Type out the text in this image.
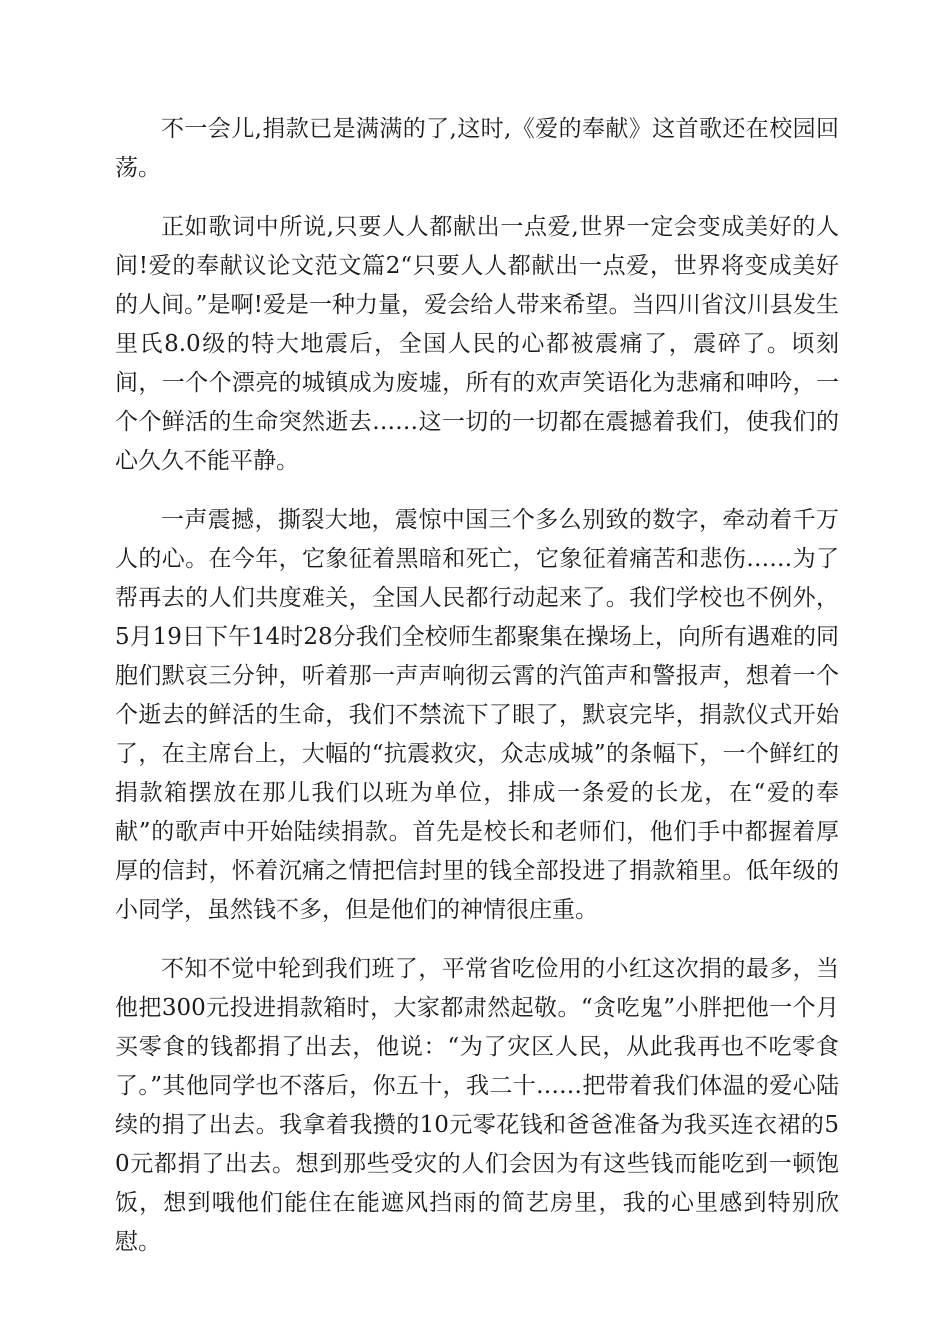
不一会儿,捐款已是满满的了,这时,《爱的奉献》这首歌还在校园回荡。

正如歌词中所说,只要人人都献出一点爱,世界一定会变成美好的人间!爱的奉献议论文范文篇2“只要人人都献出一点爱，世界将变成美好的人间。”是啊!爱是一种力量，爱会给人带来希望。当四川省汶川县发生里氏8.0级的特大地震后，全国人民的心都被震痛了，震碎了。顷刻间，一个个漂亮的城镇成为废墟，所有的欢声笑语化为悲痛和呻吟，一个个鲜活的生命突然逝去……这一切的一切都在震撼着我们，使我们的心久久不能平静。

一声震撼，撕裂大地，震惊中国三个多么别致的数字，牵动着千万人的心。在今年，它象征着黑暗和死亡，它象征着痛苦和悲伤……为了帮再去的人们共度难关，全国人民都行动起来了。我们学校也不例外，5月19日下午14时28分我们全校师生都聚集在操场上，向所有遇难的同胞们默哀三分钟，听着那一声声响彻云霄的汽笛声和警报声，想着一个个逝去的鲜活的生命，我们不禁流下了眼了，默哀完毕，捐款仪式开始了，在主席台上，大幅的“抗震救灾，众志成城”的条幅下，一个鲜红的捐款箱摆放在那儿我们以班为单位，排成一条爱的长龙，在“爱的奉献”的歌声中开始陆续捐款。首先是校长和老师们，他们手中都握着厚厚的信封，怀着沉痛之情把信封里的钱全部投进了捐款箱里。低年级的小同学，虽然钱不多，但是他们的神情很庄重。

不知不觉中轮到我们班了，平常省吃俭用的小红这次捐的最多，当他把300元投进捐款箱时，大家都肃然起敬。“贪吃鬼”小胖把他一个月买零食的钱都捐了出去，他说：“为了灾区人民，从此我再也不吃零食了。”其他同学也不落后，你五十，我二十……把带着我们体温的爱心陆续的捐了出去。我拿着我攒的10元零花钱和爸爸准备为我买连衣裙的50元都捐了出去。想到那些受灾的人们会因为有这些钱而能吃到一顿饱饭，想到哦他们能住在能遮风挡雨的简艺房里，我的心里感到特别欣慰。
